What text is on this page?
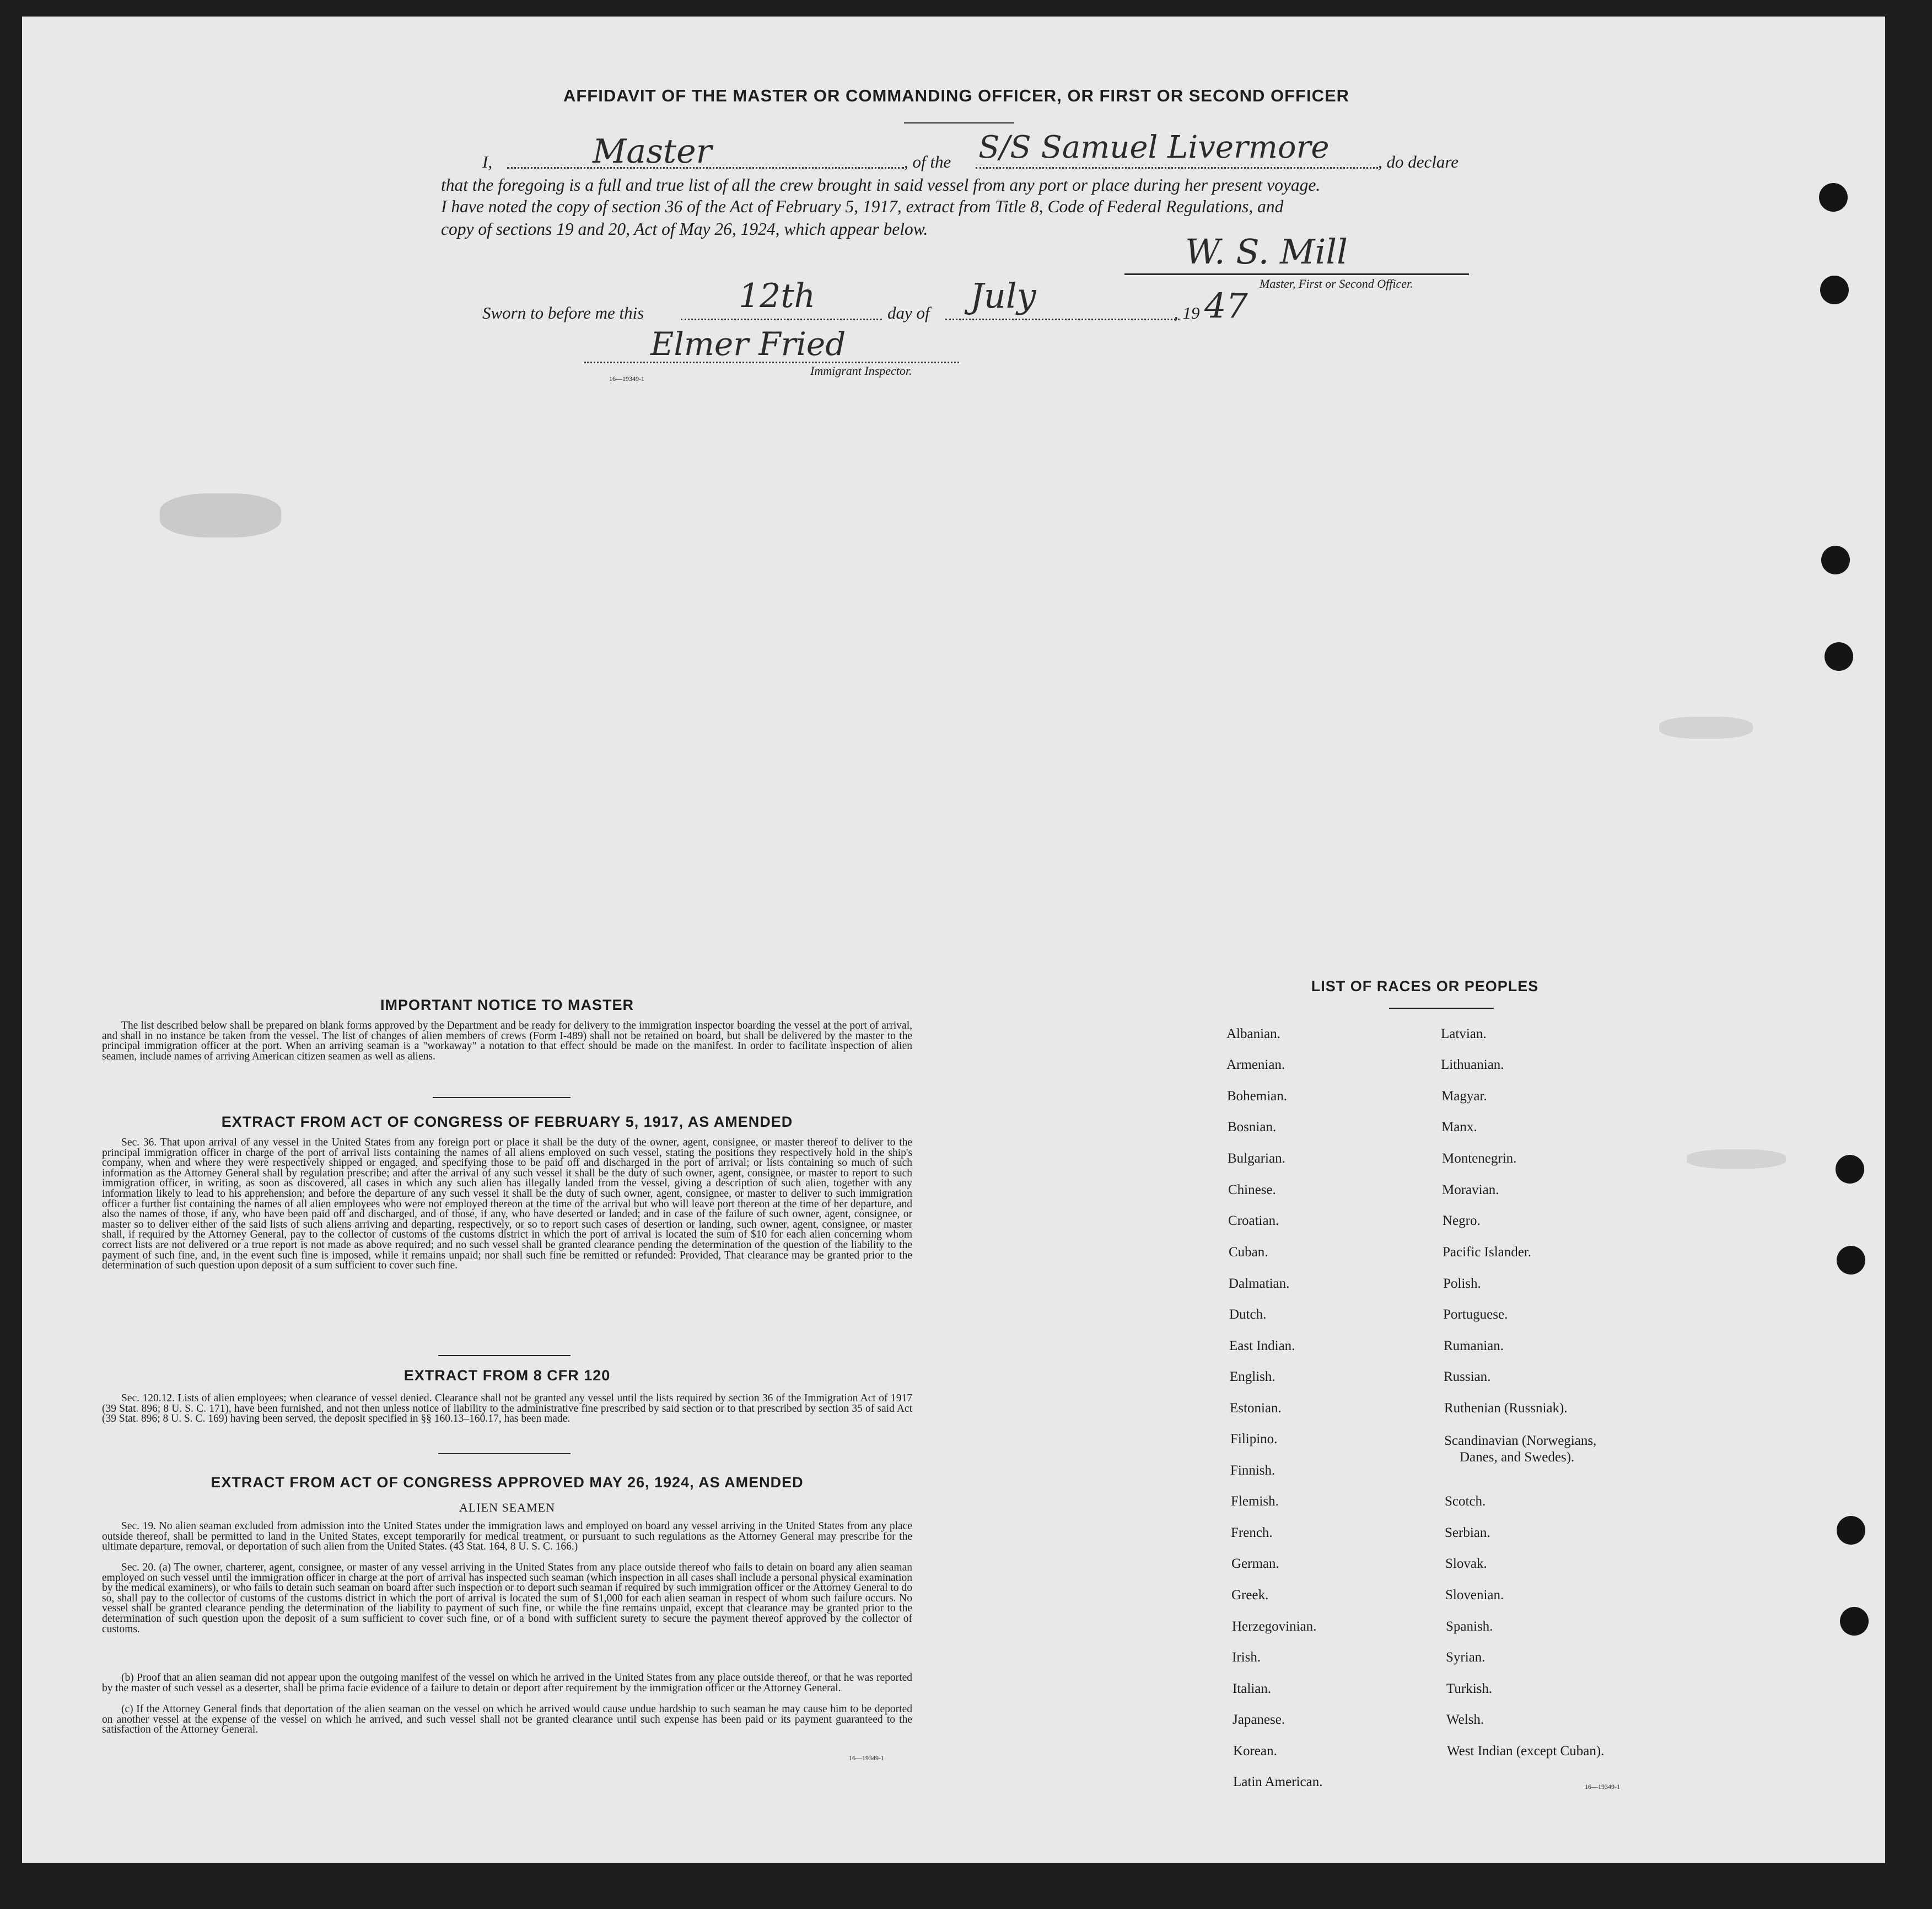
AFFIDAVIT OF THE MASTER OR COMMANDING OFFICER, OR FIRST OR SECOND OFFICER
I,	Master	, of the S/S Samuel Livermore	, do declare
that the foregoing is a full and true list of all the crew brought in said vessel from any port or place during her present voyage.
I have noted the copy of section 36 of the Act of February 5, 1917, extract from Title 8, Code of Federal Regulations, and
copy of sections 19 and 20, Act of May 26, 1924, which appear below.
W. S. Mill
Master, First or Second Officer.
Sworn to before me this	12th	day of July	, 19 47
Elmer Fried
Immigrant Inspector.
16—19349-1
IMPORTANT NOTICE TO MASTER
The list described below shall be prepared on blank forms approved by the Department and be ready for delivery to the immigration inspector boarding the vessel at the port of arrival, and shall in no instance be taken from the vessel. The list of changes of alien members of crews (Form I-489) shall not be retained on board, but shall be delivered by the master to the principal immigration officer at the port. When an arriving seaman is a "workaway" a notation to that effect should be made on the manifest. In order to facilitate inspection of alien seamen, include names of arriving American citizen seamen as well as aliens.
EXTRACT FROM ACT OF CONGRESS OF FEBRUARY 5, 1917, AS AMENDED
Sec. 36. That upon arrival of any vessel in the United States from any foreign port or place it shall be the duty of the owner, agent, consignee, or master thereof to deliver to the principal immigration officer in charge of the port of arrival lists containing the names of all aliens employed on such vessel, stating the positions they respectively hold in the ship's company, when and where they were respectively shipped or engaged, and specifying those to be paid off and discharged in the port of arrival; or lists containing so much of such information as the Attorney General shall by regulation prescribe; and after the arrival of any such vessel it shall be the duty of such owner, agent, consignee, or master to report to such immigration officer, in writing, as soon as discovered, all cases in which any such alien has illegally landed from the vessel, giving a description of such alien, together with any information likely to lead to his apprehension; and before the departure of any such vessel it shall be the duty of such owner, agent, consignee, or master to deliver to such immigration officer a further list containing the names of all alien employees who were not employed thereon at the time of the arrival but who will leave port thereon at the time of her departure, and also the names of those, if any, who have been paid off and discharged, and of those, if any, who have deserted or landed; and in case of the failure of such owner, agent, consignee, or master so to deliver either of the said lists of such aliens arriving and departing, respectively, or so to report such cases of desertion or landing, such owner, agent, consignee, or master shall, if required by the Attorney General, pay to the collector of customs of the customs district in which the port of arrival is located the sum of $10 for each alien concerning whom correct lists are not delivered or a true report is not made as above required; and no such vessel shall be granted clearance pending the determination of the question of the liability to the payment of such fine, and, in the event such fine is imposed, while it remains unpaid; nor shall such fine be remitted or refunded: Provided, That clearance may be granted prior to the determination of such question upon deposit of a sum sufficient to cover such fine.
EXTRACT FROM 8 CFR 120
Sec. 120.12. Lists of alien employees; when clearance of vessel denied. Clearance shall not be granted any vessel until the lists required by section 36 of the Immigration Act of 1917 (39 Stat. 896; 8 U. S. C. 171), have been furnished, and not then unless notice of liability to the administrative fine prescribed by said section or to that prescribed by section 35 of said Act (39 Stat. 896; 8 U. S. C. 169) having been served, the deposit specified in §§ 160.13–160.17, has been made.
EXTRACT FROM ACT OF CONGRESS APPROVED MAY 26, 1924, AS AMENDED
ALIEN SEAMEN
Sec. 19. No alien seaman excluded from admission into the United States under the immigration laws and employed on board any vessel arriving in the United States from any place outside thereof, shall be permitted to land in the United States, except temporarily for medical treatment, or pursuant to such regulations as the Attorney General may prescribe for the ultimate departure, removal, or deportation of such alien from the United States. (43 Stat. 164, 8 U. S. C. 166.)
Sec. 20. (a) The owner, charterer, agent, consignee, or master of any vessel arriving in the United States from any place outside thereof who fails to detain on board any alien seaman employed on such vessel until the immigration officer in charge at the port of arrival has inspected such seaman (which inspection in all cases shall include a personal physical examination by the medical examiners), or who fails to detain such seaman on board after such inspection or to deport such seaman if required by such immigration officer or the Attorney General to do so, shall pay to the collector of customs of the customs district in which the port of arrival is located the sum of $1,000 for each alien seaman in respect of whom such failure occurs. No vessel shall be granted clearance pending the determination of the liability to payment of such fine, or while the fine remains unpaid, except that clearance may be granted prior to the determination of such question upon the deposit of a sum sufficient to cover such fine, or of a bond with sufficient surety to secure the payment thereof approved by the collector of customs.
(b) Proof that an alien seaman did not appear upon the outgoing manifest of the vessel on which he arrived in the United States from any place outside thereof, or that he was reported by the master of such vessel as a deserter, shall be prima facie evidence of a failure to detain or deport after requirement by the immigration officer or the Attorney General.
(c) If the Attorney General finds that deportation of the alien seaman on the vessel on which he arrived would cause undue hardship to such seaman he may cause him to be deported on another vessel at the expense of the vessel on which he arrived, and such vessel shall not be granted clearance until such expense has been paid or its payment guaranteed to the satisfaction of the Attorney General.
16—19349-1
LIST OF RACES OR PEOPLES
Albanian.
Armenian.
Bohemian.
Bosnian.
Bulgarian.
Chinese.
Croatian.
Cuban.
Dalmatian.
Dutch.
East Indian.
English.
Estonian.
Filipino.
Finnish.
Flemish.
French.
German.
Greek.
Herzegovinian.
Irish.
Italian.
Japanese.
Korean.
Latin American.
Latvian.
Lithuanian.
Magyar.
Manx.
Montenegrin.
Moravian.
Negro.
Pacific Islander.
Polish.
Portuguese.
Rumanian.
Russian.
Ruthenian (Russniak).
Scandinavian (Norwegians,
Danes, and Swedes).
Scotch.
Serbian.
Slovak.
Slovenian.
Spanish.
Syrian.
Turkish.
Welsh.
West Indian (except Cuban).
16—19349-1
